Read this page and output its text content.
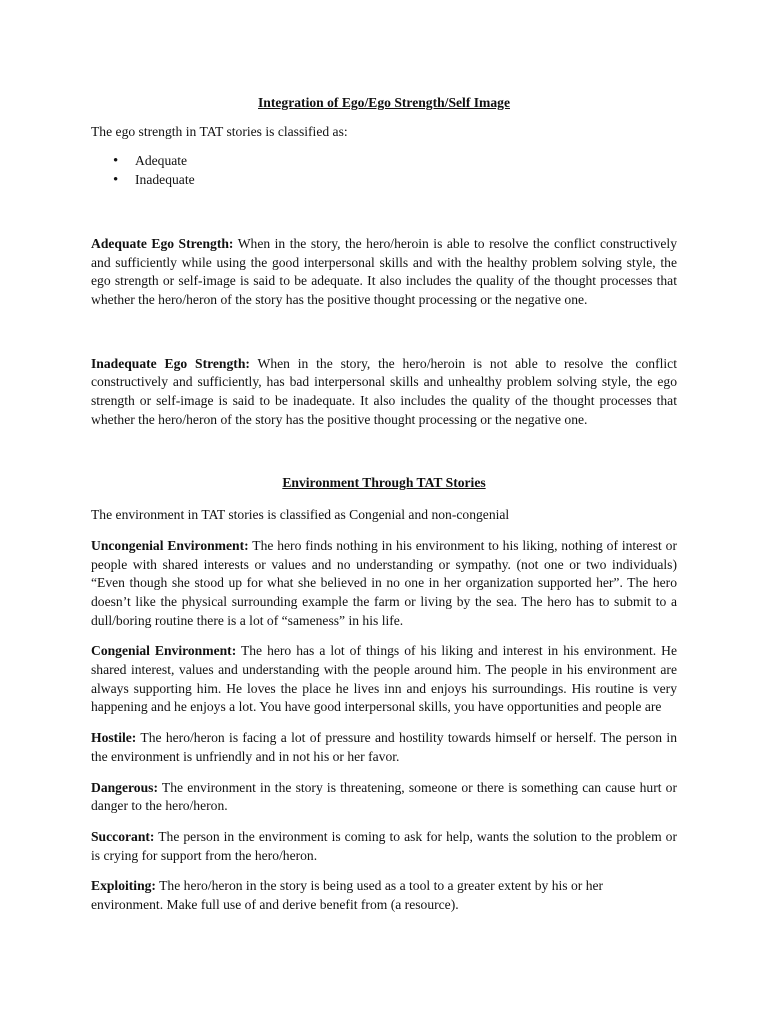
Integration of Ego/Ego Strength/Self Image

The ego strength in TAT stories is classified as:

• Adequate
• Inadequate

Adequate Ego Strength: When in the story, the hero/heroin is able to resolve the conflict constructively and sufficiently while using the good interpersonal skills and with the healthy problem solving style, the ego strength or self-image is said to be adequate. It also includes the quality of the thought processes that whether the hero/heron of the story has the positive thought processing or the negative one.

Inadequate Ego Strength: When in the story, the hero/heroin is not able to resolve the conflict constructively and sufficiently, has bad interpersonal skills and unhealthy problem solving style, the ego strength or self-image is said to be inadequate. It also includes the quality of the thought processes that whether the hero/heron of the story has the positive thought processing or the negative one.

Environment Through TAT Stories

The environment in TAT stories is classified as Congenial and non-congenial

Uncongenial Environment: The hero finds nothing in his environment to his liking, nothing of interest or people with shared interests or values and no understanding or sympathy. (not one or two individuals) “Even though she stood up for what she believed in no one in her organization supported her”. The hero doesn’t like the physical surrounding example the farm or living by the sea. The hero has to submit to a dull/boring routine there is a lot of “sameness” in his life.

Congenial Environment: The hero has a lot of things of his liking and interest in his environment. He shared interest, values and understanding with the people around him. The people in his environment are always supporting him. He loves the place he lives inn and enjoys his surroundings. His routine is very happening and he enjoys a lot. You have good interpersonal skills, you have opportunities and people are

Hostile: The hero/heron is facing a lot of pressure and hostility towards himself or herself. The person in the environment is unfriendly and in not his or her favor.

Dangerous: The environment in the story is threatening, someone or there is something can cause hurt or danger to the hero/heron.

Succorant: The person in the environment is coming to ask for help, wants the solution to the problem or is crying for support from the hero/heron.

Exploiting: The hero/heron in the story is being used as a tool to a greater extent by his or her environment. Make full use of and derive benefit from (a resource).
